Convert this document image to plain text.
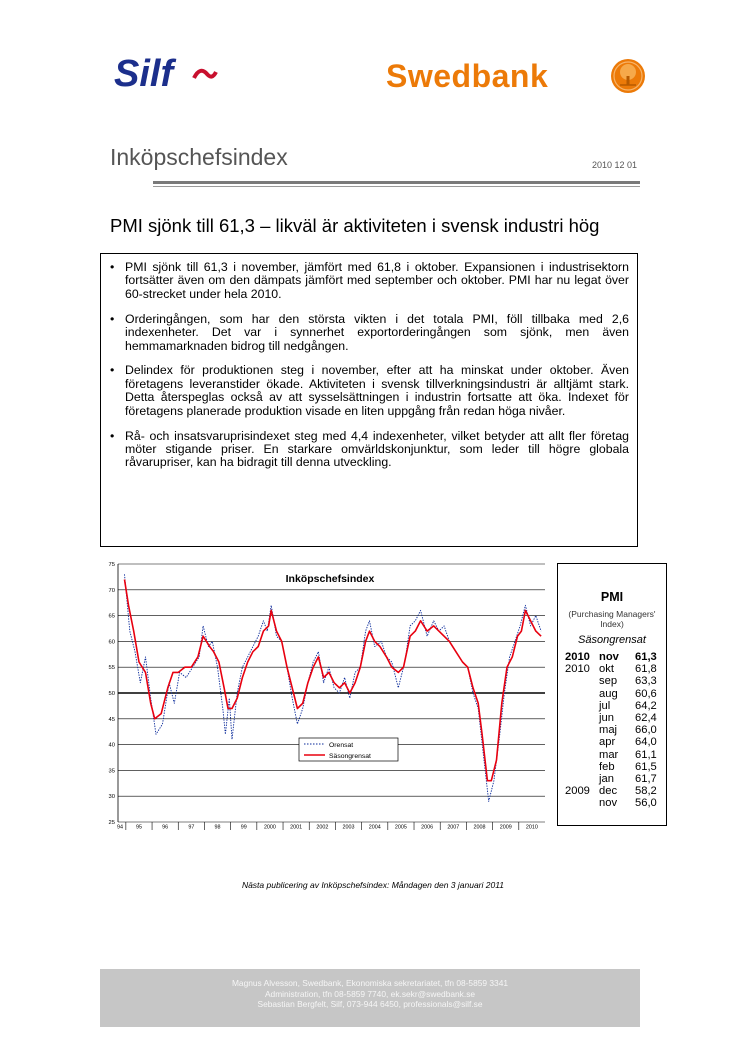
Silf	Swedbank
Inköpschefsindex	2010 12 01
PMI sjönk till 61,3 – likväl är aktiviteten i svensk industri hög
• PMI sjönk till 61,3 i november, jämfört med 61,8 i oktober. Expansionen i industrisektorn fortsätter även om den dämpats jämfört med september och oktober. PMI har nu legat över 60-strecket under hela 2010.
• Orderingången, som har den största vikten i det totala PMI, föll tillbaka med 2,6 indexenheter. Det var i synnerhet exportorderingången som sjönk, men även hemmamarknaden bidrog till nedgången.
• Delindex för produktionen steg i november, efter att ha minskat under oktober. Även företagens leveranstider ökade. Aktiviteten i svensk tillverkningsindustri är alltjämt stark. Detta återspeglas också av att sysselsättningen i industrin fortsatte att öka. Indexet för företagens planerade produktion visade en liten uppgång från redan höga nivåer.
• Rå- och insatsvaruprisindexet steg med 4,4 indexenheter, vilket betyder att allt fler företag möter stigande priser. En starkare omvärldskonjunktur, som leder till högre globala råvarupriser, kan ha bidragit till denna utveckling.
25
30
35
40
45
50
55
60
65
70
75
94 95	96	97	98	99	2000	2001	2002	2003	2004	2005	2006	2007	2008	2009	2010
Inköpschefsindex
Orensat
Säsongrensat
PMI
(Purchasing Managers'
Index)
Säsongrensat
2010	nov	61,3
2010	okt	61,8
	sep	63,3
	aug	60,6
	jul	64,2
	jun	62,4
	maj	66,0
	apr	64,0
	mar	61,1
	feb	61,5
	jan	61,7
2009	dec	58,2
	nov	56,0
Nästa publicering av Inköpschefsindex: Måndagen den 3 januari 2011
Magnus Alvesson, Swedbank, Ekonomiska sekretariatet, tfn 08-5859 3341
Administration, tfn 08-5859 7740, ek.sekr@swedbank.se
Sebastian Bergfelt, Silf, 073-944 6450, professionals@silf.se
